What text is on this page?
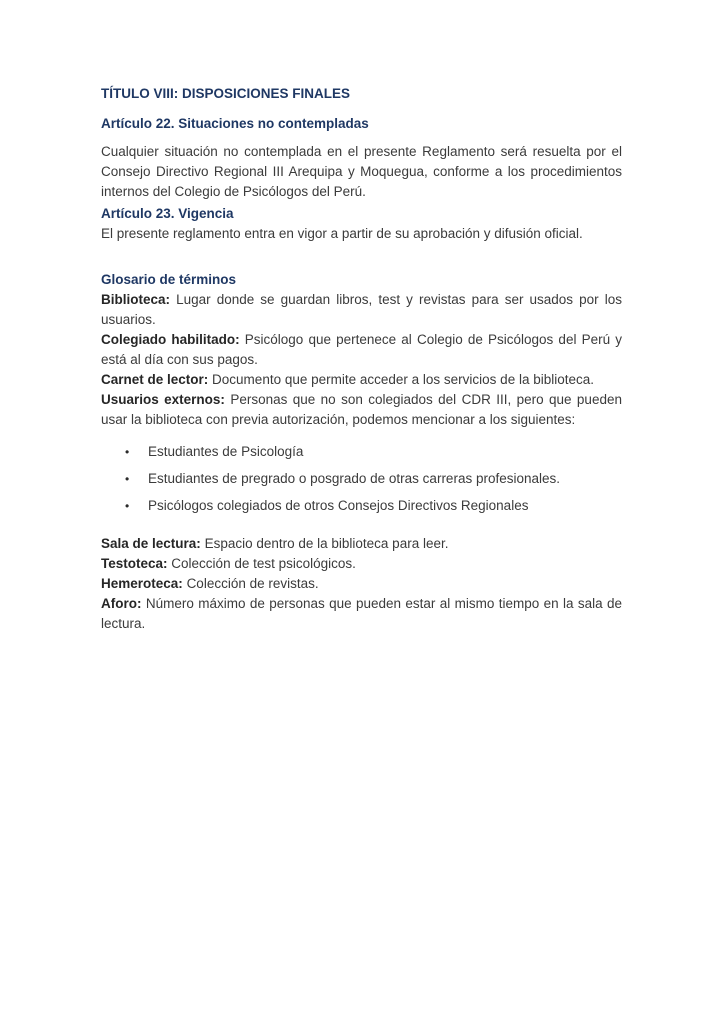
TÍTULO VIII: DISPOSICIONES FINALES
Artículo 22. Situaciones no contempladas

Cualquier situación no contemplada en el presente Reglamento será resuelta por el Consejo Directivo Regional III Arequipa y Moquegua, conforme a los procedimientos internos del Colegio de Psicólogos del Perú.

Artículo 23. Vigencia

El presente reglamento entra en vigor a partir de su aprobación y difusión oficial.

Glosario de términos

Biblioteca: Lugar donde se guardan libros, test y revistas para ser usados por los usuarios.

Colegiado habilitado: Psicólogo que pertenece al Colegio de Psicólogos del Perú y está al día con sus pagos.

Carnet de lector: Documento que permite acceder a los servicios de la biblioteca.

Usuarios externos: Personas que no son colegiados del CDR III, pero que pueden usar la biblioteca con previa autorización, podemos mencionar a los siguientes:

• Estudiantes de Psicología
• Estudiantes de pregrado o posgrado de otras carreras profesionales.
• Psicólogos colegiados de otros Consejos Directivos Regionales

Sala de lectura: Espacio dentro de la biblioteca para leer.

Testoteca: Colección de test psicológicos.

Hemeroteca: Colección de revistas.

Aforo: Número máximo de personas que pueden estar al mismo tiempo en la sala de lectura.
